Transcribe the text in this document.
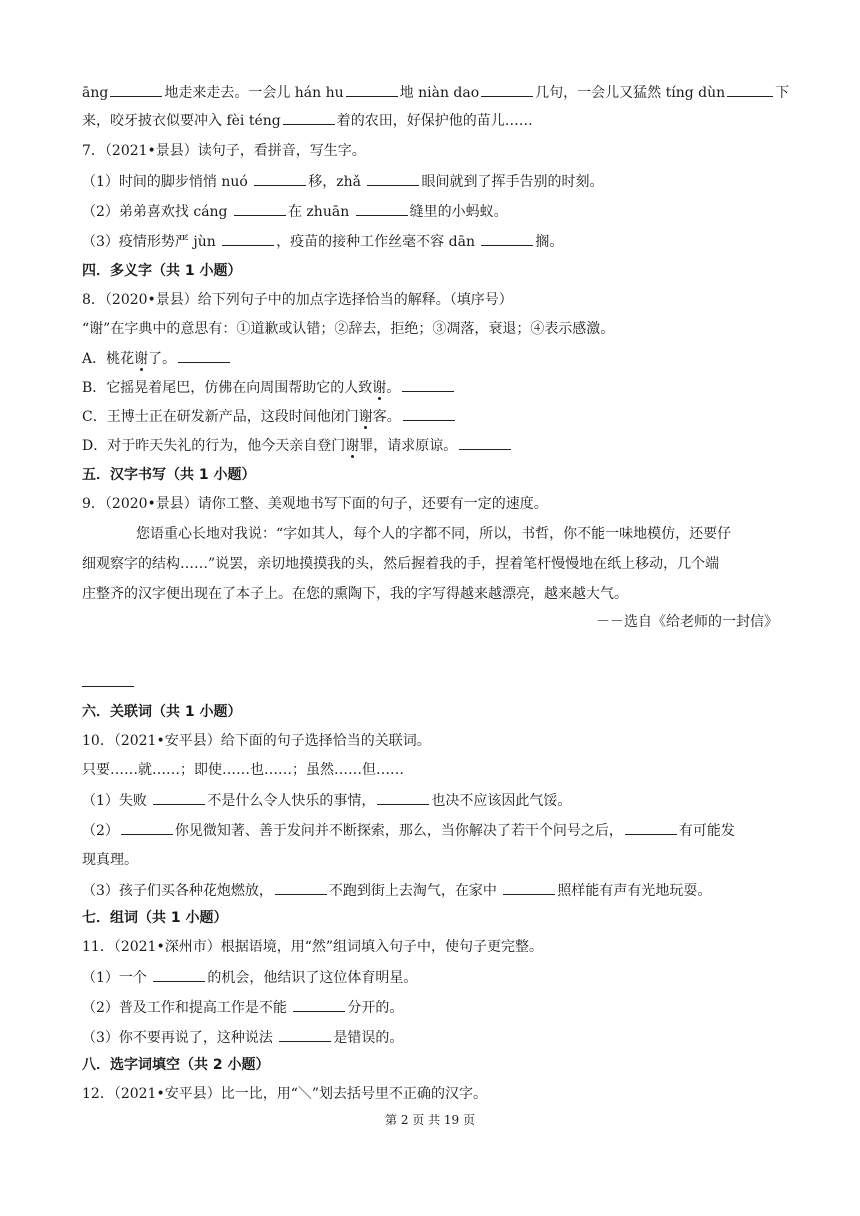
āng	地走来走去。一会儿 hán hu	地 niàn dao	几句，一会儿又猛然 tíng dùn	下
来，咬牙披衣似要冲入 fèi téng	着的农田，好保护他的苗儿……
7．（2021•景县）读句子，看拼音，写生字。
（1）时间的脚步悄悄 nuó	移，zhǎ	眼间就到了挥手告别的时刻。
（2）弟弟喜欢找 cáng	在 zhuān	缝里的小蚂蚁。
（3）疫情形势严 jùn	，疫苗的接种工作丝毫不容 dān	搁。
四．多义字（共 1 小题）
8．（2020•景县）给下列句子中的加点字选择恰当的解释。（填序号）
“谢”在字典中的意思有：①道歉或认错；②辞去，拒绝；③凋落，衰退；④表示感激。
A．桃花谢了。
B．它摇晃着尾巴，仿佛在向周围帮助它的人致谢。
C．王博士正在研发新产品，这段时间他闭门谢客。
D．对于昨天失礼的行为，他今天亲自登门谢罪，请求原谅。
五．汉字书写（共 1 小题）
9．（2020•景县）请你工整、美观地书写下面的句子，还要有一定的速度。
您语重心长地对我说：“字如其人，每个人的字都不同，所以，书哲，你不能一味地模仿，还要仔
细观察字的结构……”说罢，亲切地摸摸我的头，然后握着我的手，捏着笔杆慢慢地在纸上移动，几个端
庄整齐的汉字便出现在了本子上。在您的熏陶下，我的字写得越来越漂亮，越来越大气。
－－选自《给老师的一封信》
六．关联词（共 1 小题）
10．（2021•安平县）给下面的句子选择恰当的关联词。
只要……就……；即使……也……；虽然……但……
（1）失败	不是什么令人快乐的事情，	也决不应该因此气馁。
（2）	你见微知著、善于发问并不断探索，那么，当你解决了若干个问号之后，	有可能发
现真理。
（3）孩子们买各种花炮燃放，	不跑到街上去淘气，在家中	照样能有声有光地玩耍。
七．组词（共 1 小题）
11．（2021•深州市）根据语境，用“然”组词填入句子中，使句子更完整。
（1）一个	的机会，他结识了这位体育明星。
（2）普及工作和提高工作是不能	分开的。
（3）你不要再说了，这种说法	是错误的。
八．选字词填空（共 2 小题）
12．（2021•安平县）比一比，用“＼”划去括号里不正确的汉字。
第 2 页 共 19 页
